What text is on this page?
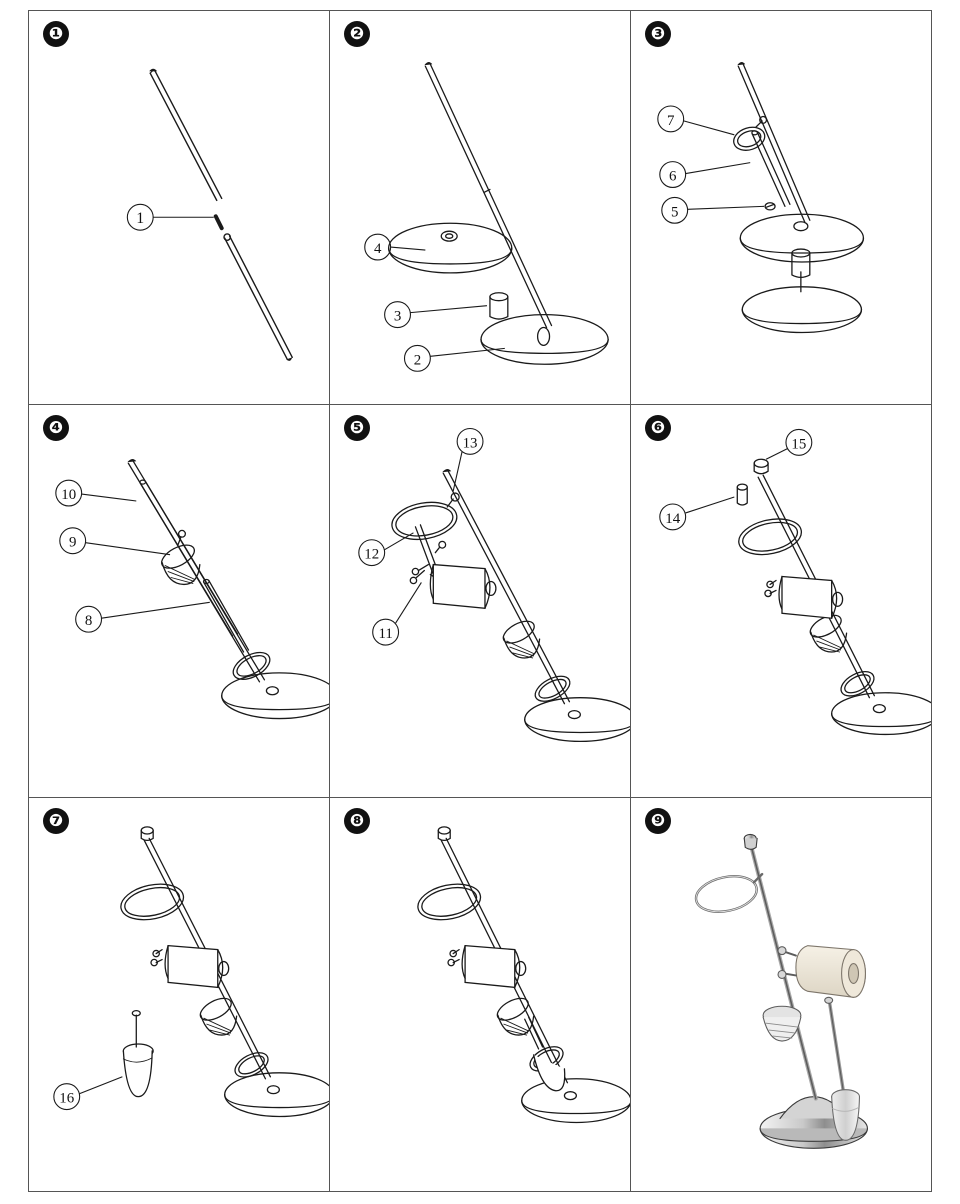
❶
1
❷
4
3
2
❸
7
6
5
❹
10
9
8
❺
13
12
11
❻
15
14
❼
16
❽	❾
